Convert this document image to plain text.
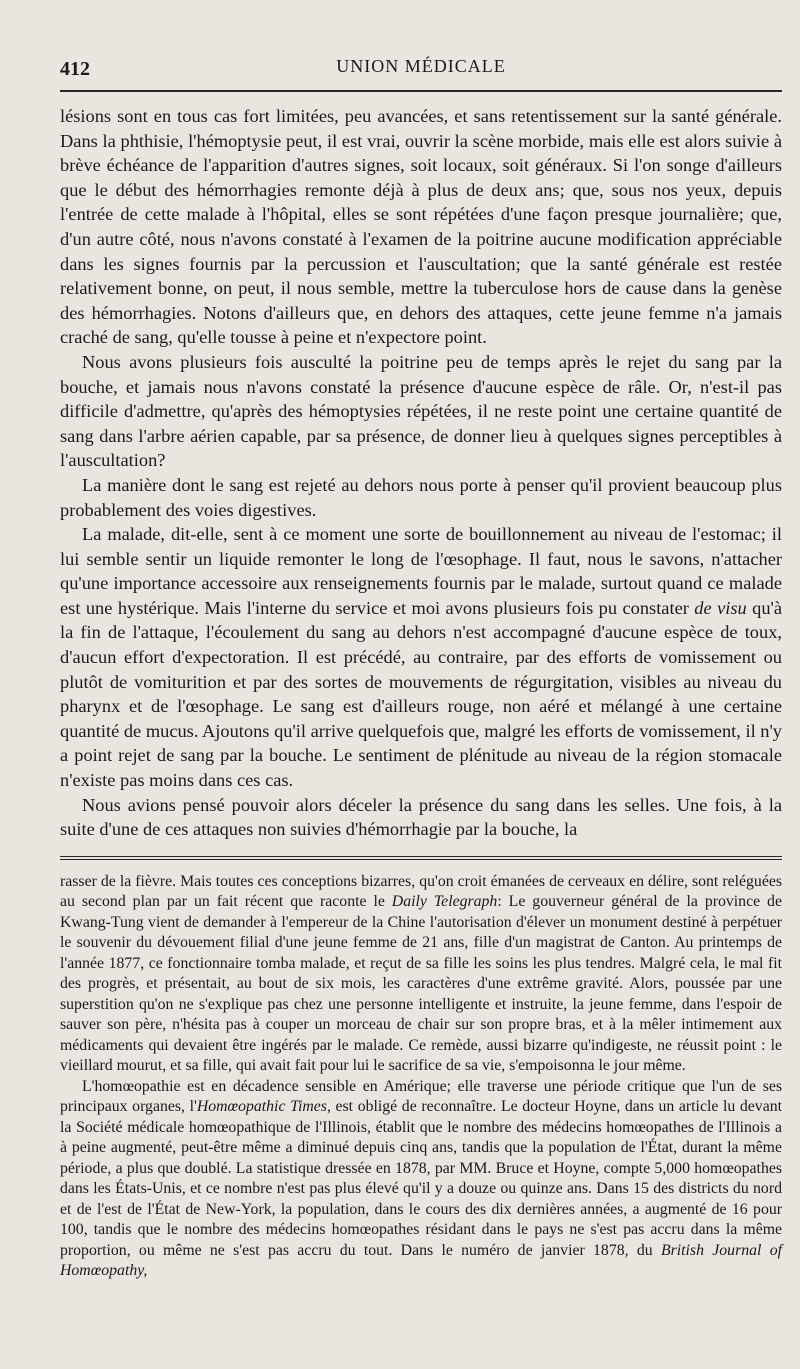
412	UNION MÉDICALE

lésions sont en tous cas fort limitées, peu avancées, et sans retentissement sur la santé générale. Dans la phthisie, l'hémoptysie peut, il est vrai, ouvrir la scène morbide, mais elle est alors suivie à brève échéance de l'apparition d'autres signes, soit locaux, soit généraux. Si l'on songe d'ailleurs que le début des hémorrhagies remonte déjà à plus de deux ans; que, sous nos yeux, depuis l'entrée de cette malade à l'hôpital, elles se sont répétées d'une façon presque journalière; que, d'un autre côté, nous n'avons constaté à l'examen de la poitrine aucune modification appréciable dans les signes fournis par la percussion et l'auscultation; que la santé générale est restée relativement bonne, on peut, il nous semble, mettre la tuberculose hors de cause dans la genèse des hémorrhagies. Notons d'ailleurs que, en dehors des attaques, cette jeune femme n'a jamais craché de sang, qu'elle tousse à peine et n'expectore point.

Nous avons plusieurs fois ausculté la poitrine peu de temps après le rejet du sang par la bouche, et jamais nous n'avons constaté la présence d'aucune espèce de râle. Or, n'est-il pas difficile d'admettre, qu'après des hémoptysies répétées, il ne reste point une certaine quantité de sang dans l'arbre aérien capable, par sa présence, de donner lieu à quelques signes perceptibles à l'auscultation?

La manière dont le sang est rejeté au dehors nous porte à penser qu'il provient beaucoup plus probablement des voies digestives.

La malade, dit-elle, sent à ce moment une sorte de bouillonnement au niveau de l'estomac; il lui semble sentir un liquide remonter le long de l'œsophage. Il faut, nous le savons, n'attacher qu'une importance accessoire aux renseignements fournis par le malade, surtout quand ce malade est une hystérique. Mais l'interne du service et moi avons plusieurs fois pu constater de visu qu'à la fin de l'attaque, l'écoulement du sang au dehors n'est accompagné d'aucune espèce de toux, d'aucun effort d'expectoration. Il est précédé, au contraire, par des efforts de vomissement ou plutôt de vomiturition et par des sortes de mouvements de régurgitation, visibles au niveau du pharynx et de l'œsophage. Le sang est d'ailleurs rouge, non aéré et mélangé à une certaine quantité de mucus. Ajoutons qu'il arrive quelquefois que, malgré les efforts de vomissement, il n'y a point rejet de sang par la bouche. Le sentiment de plénitude au niveau de la région stomacale n'existe pas moins dans ces cas.

Nous avions pensé pouvoir alors déceler la présence du sang dans les selles. Une fois, à la suite d'une de ces attaques non suivies d'hémorrhagie par la bouche, la

rasser de la fièvre. Mais toutes ces conceptions bizarres, qu'on croit émanées de cerveaux en délire, sont reléguées au second plan par un fait récent que raconte le Daily Telegraph: Le gouverneur général de la province de Kwang-Tung vient de demander à l'empereur de la Chine l'autorisation d'élever un monument destiné à perpétuer le souvenir du dévouement filial d'une jeune femme de 21 ans, fille d'un magistrat de Canton. Au printemps de l'année 1877, ce fonctionnaire tomba malade, et reçut de sa fille les soins les plus tendres. Malgré cela, le mal fit des progrès, et présentait, au bout de six mois, les caractères d'une extrême gravité. Alors, poussée par une superstition qu'on ne s'explique pas chez une personne intelligente et instruite, la jeune femme, dans l'espoir de sauver son père, n'hésita pas à couper un morceau de chair sur son propre bras, et à la mêler intimement aux médicaments qui devaient être ingérés par le malade. Ce remède, aussi bizarre qu'indigeste, ne réussit point : le vieillard mourut, et sa fille, qui avait fait pour lui le sacrifice de sa vie, s'empoisonna le jour même.

L'homœopathie est en décadence sensible en Amérique; elle traverse une période critique que l'un de ses principaux organes, l'Homœopathic Times, est obligé de reconnaître. Le docteur Hoyne, dans un article lu devant la Société médicale homœopathique de l'Illinois, établit que le nombre des médecins homœopathes de l'Illinois a à peine augmenté, peut-être même a diminué depuis cinq ans, tandis que la population de l'État, durant la même période, a plus que doublé. La statistique dressée en 1878, par MM. Bruce et Hoyne, compte 5,000 homœopathes dans les États-Unis, et ce nombre n'est pas plus élevé qu'il y a douze ou quinze ans. Dans 15 des districts du nord et de l'est de l'État de New-York, la population, dans le cours des dix dernières années, a augmenté de 16 pour 100, tandis que le nombre des médecins homœopathes résidant dans le pays ne s'est pas accru dans la même proportion, ou même ne s'est pas accru du tout. Dans le numéro de janvier 1878, du British Journal of Homœopathy,
